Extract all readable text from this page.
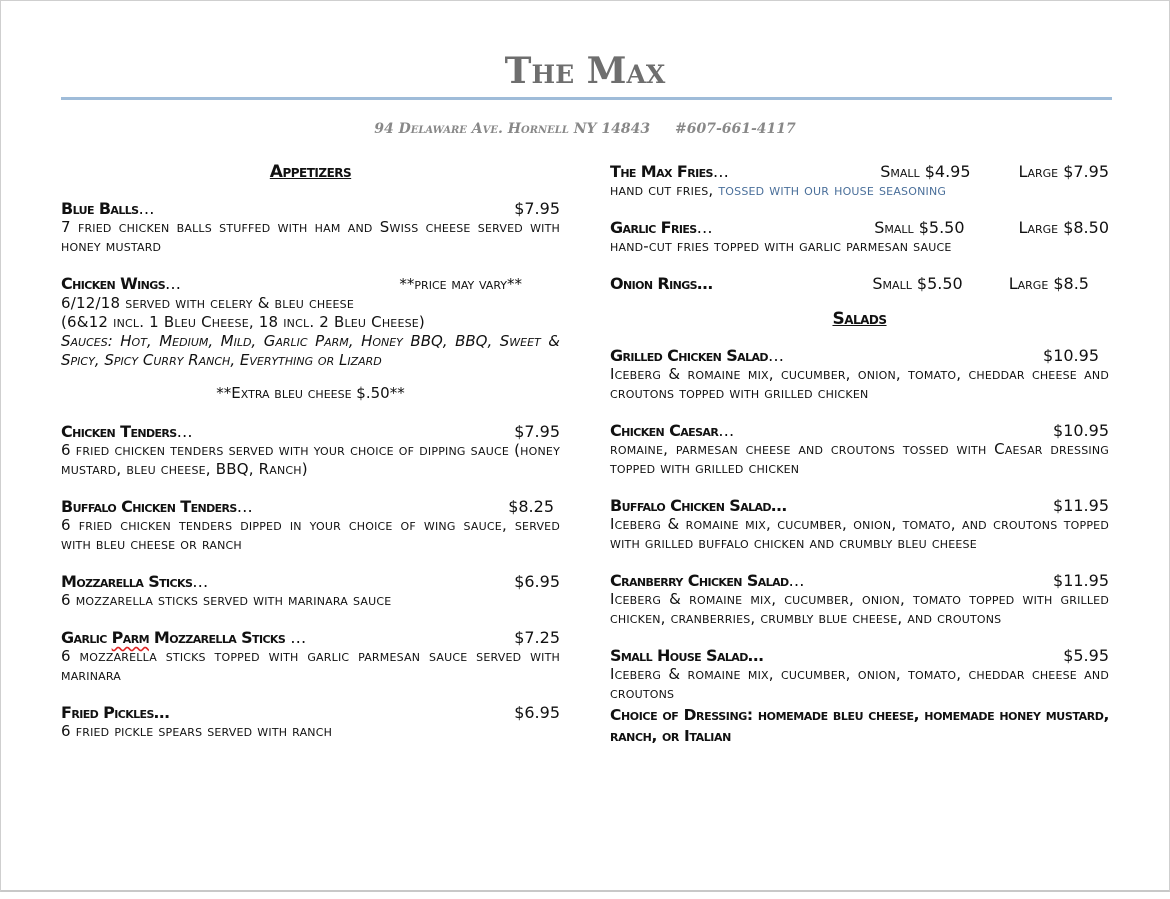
The Max
94 Delaware Ave. Hornell NY 14843 #607-661-4117
Appetizers
Blue Balls…	$7.95
7 fried chicken balls stuffed with ham and Swiss cheese served with honey mustard
Chicken Wings…	**price may vary**
6/12/18 served with celery & bleu cheese
(6&12 incl. 1 Bleu Cheese, 18 incl. 2 Bleu Cheese)
Sauces: Hot, Medium, Mild, Garlic Parm, Honey BBQ, BBQ, Sweet & Spicy, Spicy Curry Ranch, Everything or Lizard
**Extra bleu cheese $.50**
Chicken Tenders…	$7.95
6 fried chicken tenders served with your choice of dipping sauce (honey mustard, bleu cheese, BBQ, Ranch)
Buffalo Chicken Tenders…	$8.25
6 fried chicken tenders dipped in your choice of wing sauce, served with bleu cheese or ranch
Mozzarella Sticks…	$6.95
6 mozzarella sticks served with marinara sauce
Garlic Parm Mozzarella Sticks …	$7.25
6 mozzarella sticks topped with garlic parmesan sauce served with marinara
Fried Pickles…	$6.95
6 fried pickle spears served with ranch
The Max Fries…	Small $4.95	Large $7.95
hand cut fries, tossed with our house seasoning
Garlic Fries…	Small $5.50	Large $8.50
hand-cut fries topped with garlic parmesan sauce
Onion Rings…	Small $5.50	Large $8.5
Salads
Grilled Chicken Salad…	$10.95
Iceberg & romaine mix, cucumber, onion, tomato, cheddar cheese and croutons topped with grilled chicken
Chicken Caesar…	$10.95
romaine, parmesan cheese and croutons tossed with Caesar dressing topped with grilled chicken
Buffalo Chicken Salad…	$11.95
Iceberg & romaine mix, cucumber, onion, tomato, and croutons topped with grilled buffalo chicken and crumbly bleu cheese
Cranberry Chicken Salad…	$11.95
Iceberg & romaine mix, cucumber, onion, tomato topped with grilled chicken, cranberries, crumbly blue cheese, and croutons
Small House Salad…	$5.95
Iceberg & romaine mix, cucumber, onion, tomato, cheddar cheese and croutons
Choice of Dressing: homemade bleu cheese, homemade honey mustard, ranch, or Italian
